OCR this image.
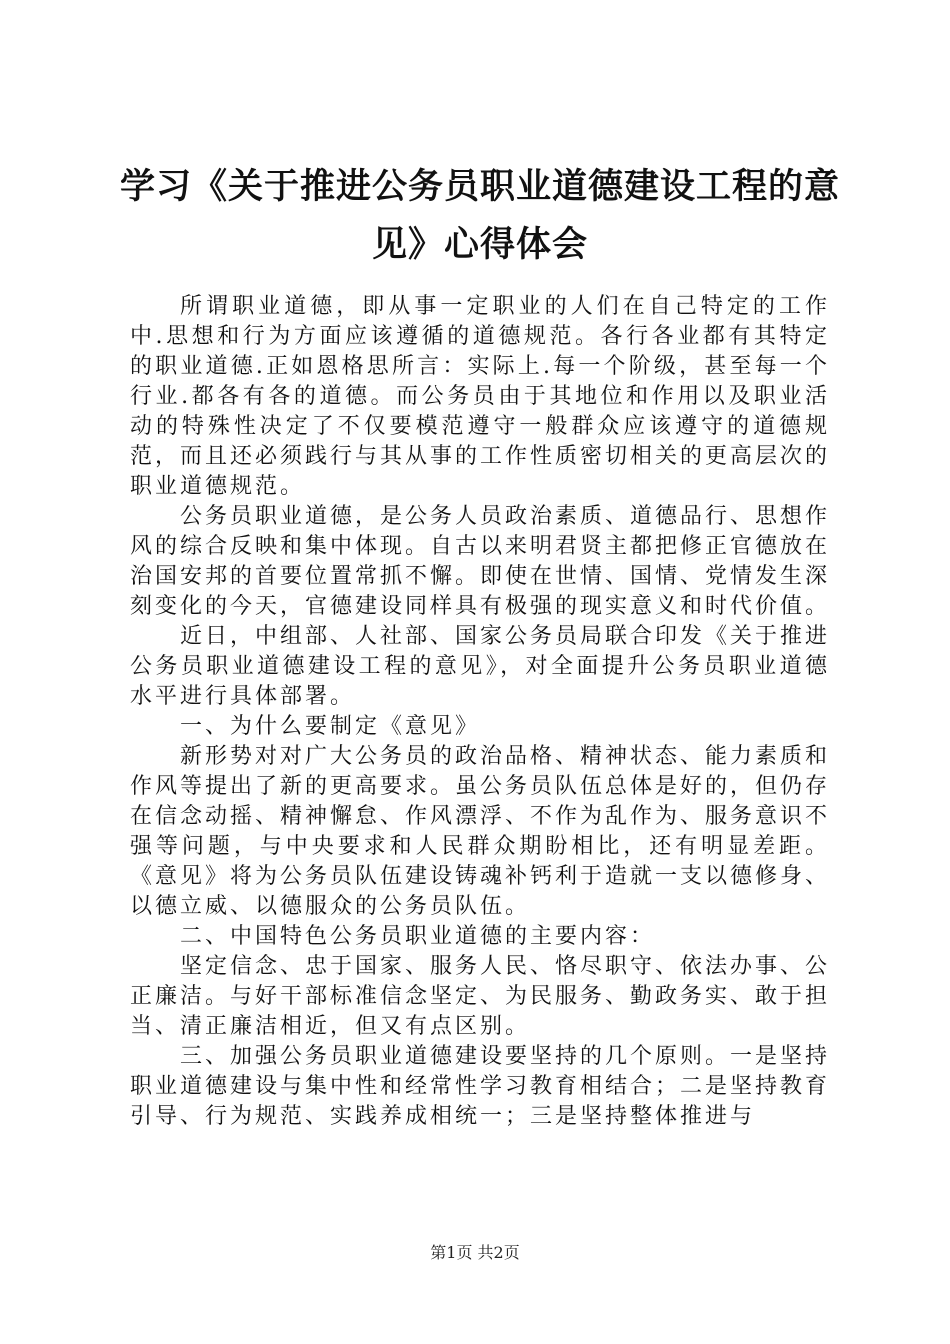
学习《关于推进公务员职业道德建设工程的意见》心得体会

所谓职业道德，即从事一定职业的人们在自己特定的工作中.思想和行为方面应该遵循的道德规范。各行各业都有其特定的职业道德.正如恩格思所言：实际上.每一个阶级，甚至每一个行业.都各有各的道德。而公务员由于其地位和作用以及职业活动的特殊性决定了不仅要模范遵守一般群众应该遵守的道德规范，而且还必须践行与其从事的工作性质密切相关的更高层次的职业道德规范。

公务员职业道德，是公务人员政治素质、道德品行、思想作风的综合反映和集中体现。自古以来明君贤主都把修正官德放在治国安邦的首要位置常抓不懈。即使在世情、国情、党情发生深刻变化的今天，官德建设同样具有极强的现实意义和时代价值。

近日，中组部、人社部、国家公务员局联合印发《关于推进公务员职业道德建设工程的意见》，对全面提升公务员职业道德水平进行具体部署。

一、为什么要制定《意见》

新形势对对广大公务员的政治品格、精神状态、能力素质和作风等提出了新的更高要求。虽公务员队伍总体是好的，但仍存在信念动摇、精神懈怠、作风漂浮、不作为乱作为、服务意识不强等问题，与中央要求和人民群众期盼相比，还有明显差距。《意见》将为公务员队伍建设铸魂补钙利于造就一支以德修身、以德立威、以德服众的公务员队伍。

二、中国特色公务员职业道德的主要内容：

坚定信念、忠于国家、服务人民、恪尽职守、依法办事、公正廉洁。与好干部标准信念坚定、为民服务、勤政务实、敢于担当、清正廉洁相近，但又有点区别。

三、加强公务员职业道德建设要坚持的几个原则。一是坚持职业道德建设与集中性和经常性学习教育相结合；二是坚持教育引导、行为规范、实践养成相统一；三是坚持整体推进与

第1页 共2页
